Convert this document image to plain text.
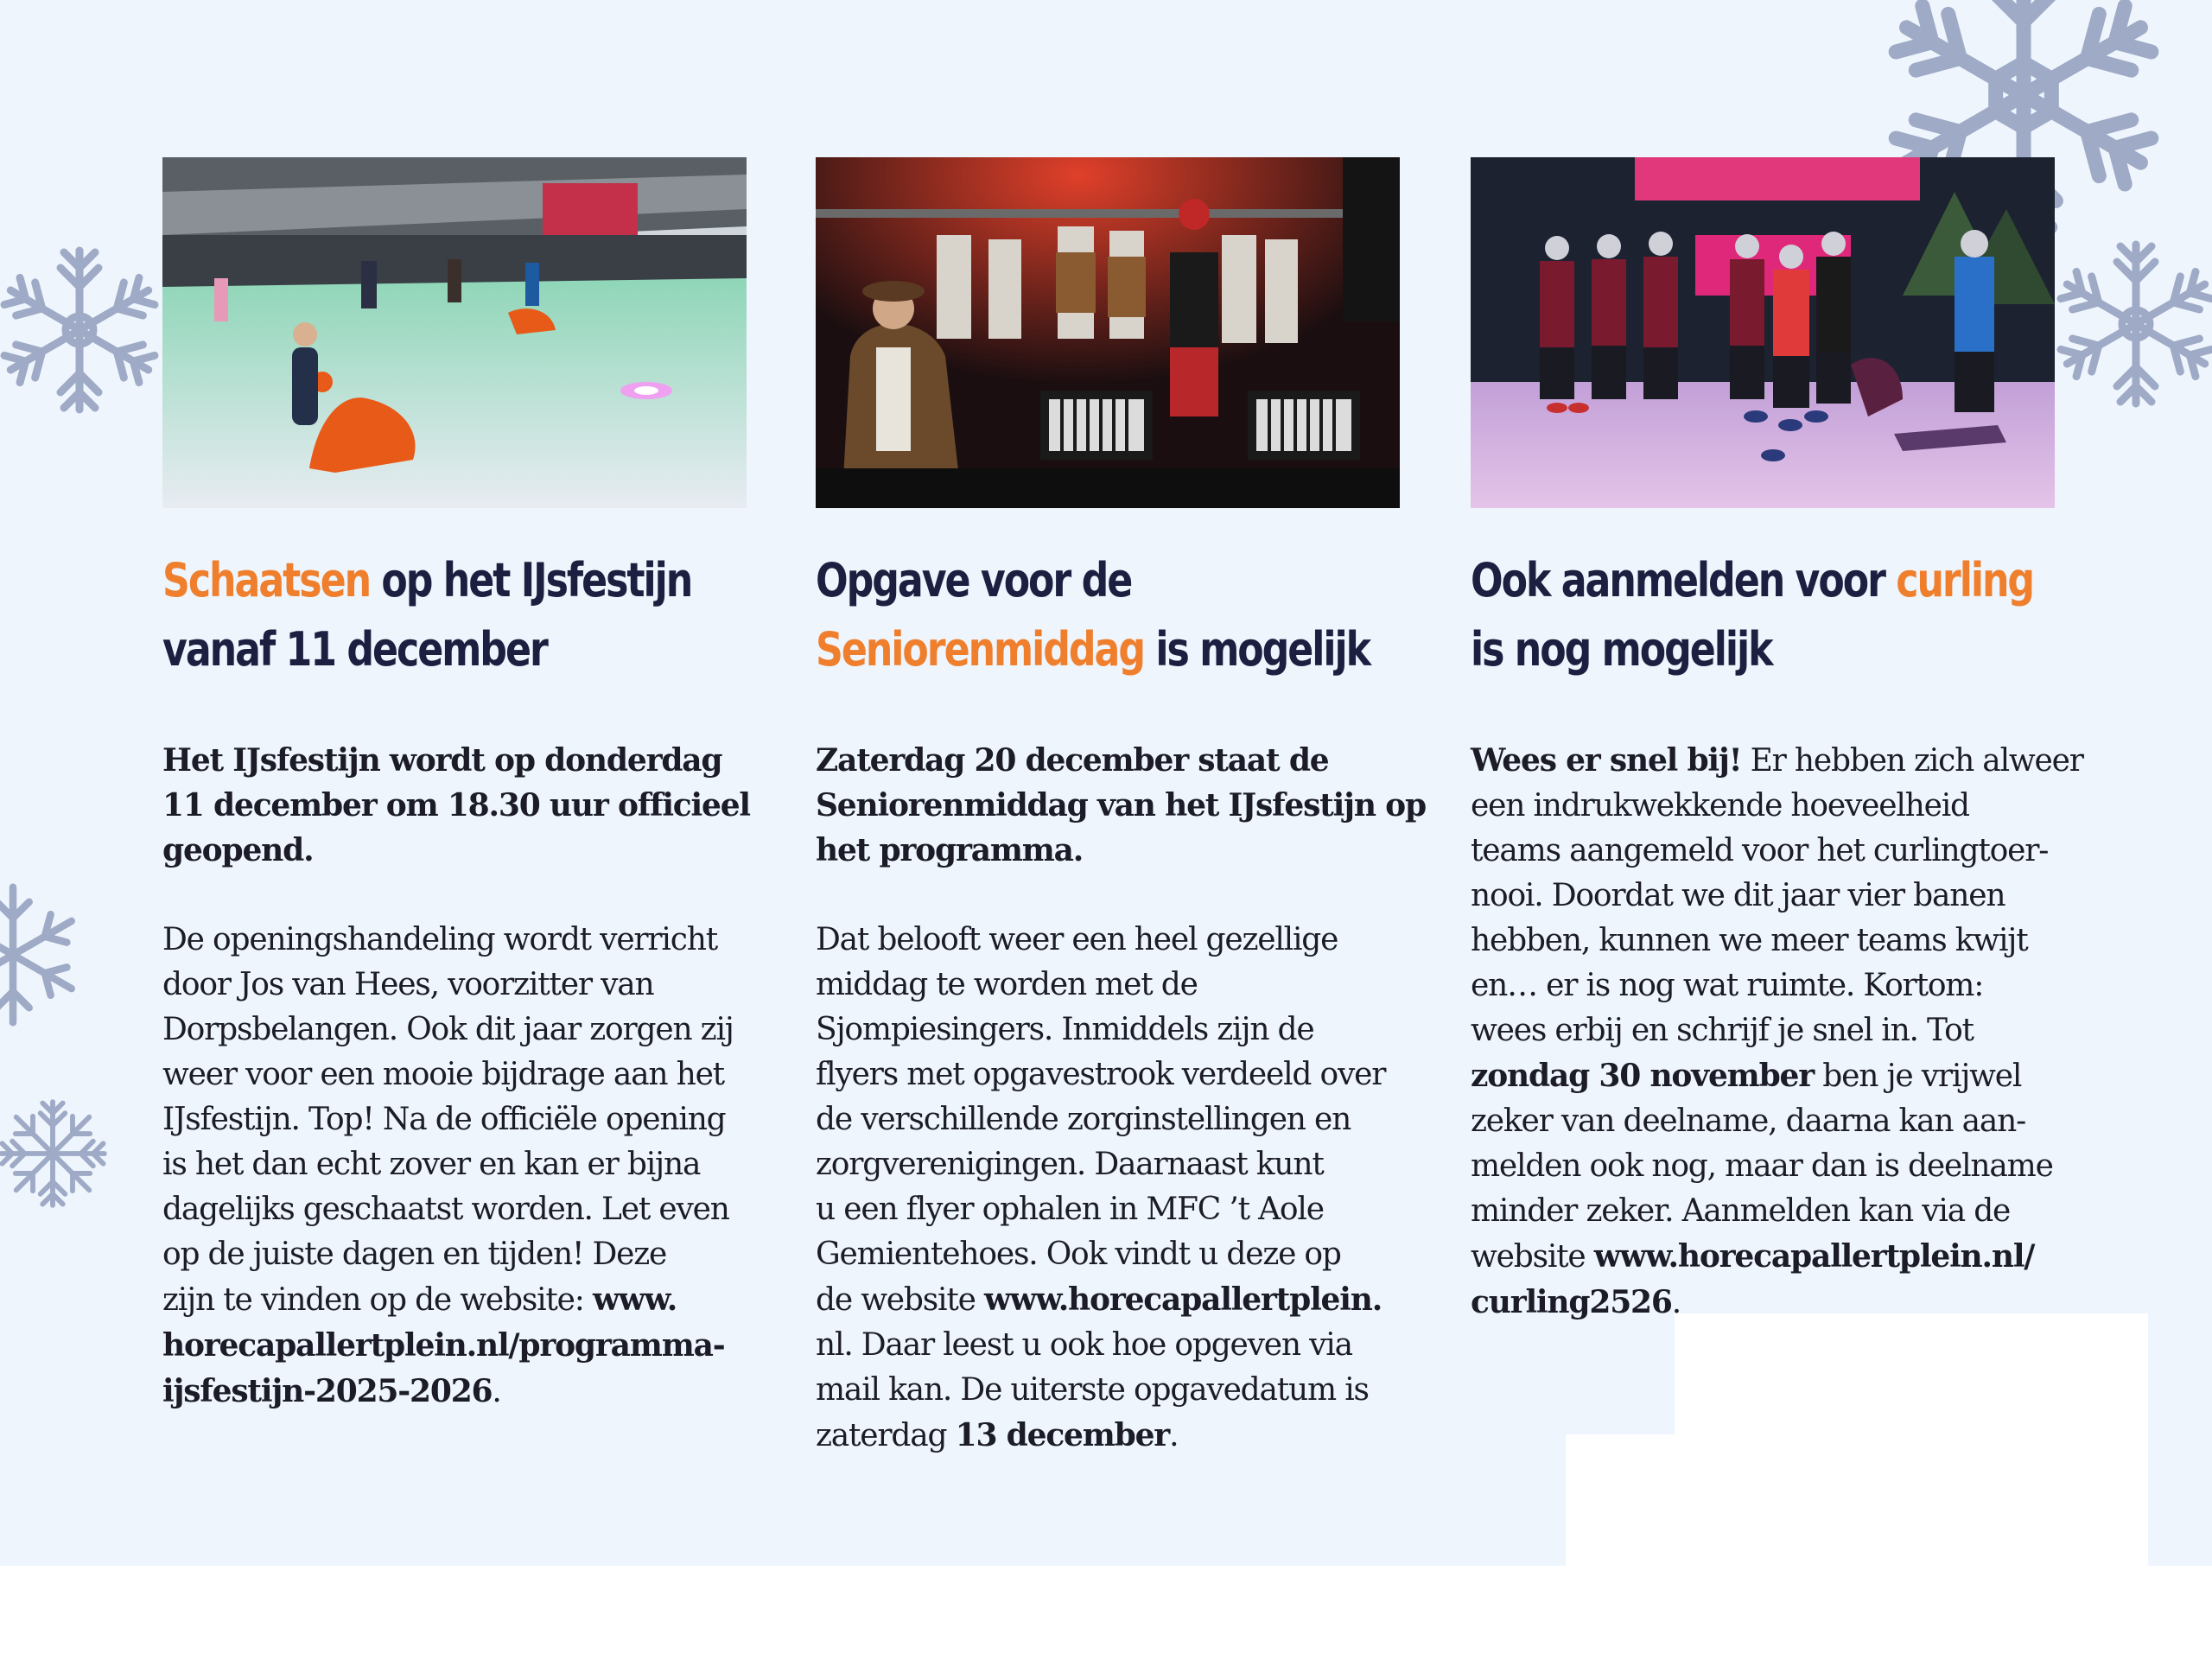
Schaatsen op het IJsfestijn
vanaf 11 december

Het IJsfestijn wordt op donderdag
11 december om 18.30 uur officieel
geopend.

De openingshandeling wordt verricht
door Jos van Hees, voorzitter van
Dorpsbelangen. Ook dit jaar zorgen zij
weer voor een mooie bijdrage aan het
IJsfestijn. Top! Na de officiële opening
is het dan echt zover en kan er bijna
dagelijks geschaatst worden. Let even
op de juiste dagen en tijden! Deze
zijn te vinden op de website: www.
horecapallertplein.nl/programma-
ijsfestijn-2025-2026.

Opgave voor de
Seniorenmiddag is mogelijk

Zaterdag 20 december staat de
Seniorenmiddag van het IJsfestijn op
het programma.

Dat belooft weer een heel gezellige
middag te worden met de
Sjompiesingers. Inmiddels zijn de
flyers met opgavestrook verdeeld over
de verschillende zorginstellingen en
zorgverenigingen. Daarnaast kunt
u een flyer ophalen in MFC ’t Aole
Gemientehoes. Ook vindt u deze op
de website www.horecapallertplein.
nl. Daar leest u ook hoe opgeven via
mail kan. De uiterste opgavedatum is
zaterdag 13 december.

Ook aanmelden voor curling
is nog mogelijk

Wees er snel bij! Er hebben zich alweer
een indrukwekkende hoeveelheid
teams aangemeld voor het curlingtoer-
nooi. Doordat we dit jaar vier banen
hebben, kunnen we meer teams kwijt
en… er is nog wat ruimte. Kortom:
wees erbij en schrijf je snel in. Tot
zondag 30 november ben je vrijwel
zeker van deelname, daarna kan aan-
melden ook nog, maar dan is deelname
minder zeker. Aanmelden kan via de
website www.horecapallertplein.nl/
curling2526.
